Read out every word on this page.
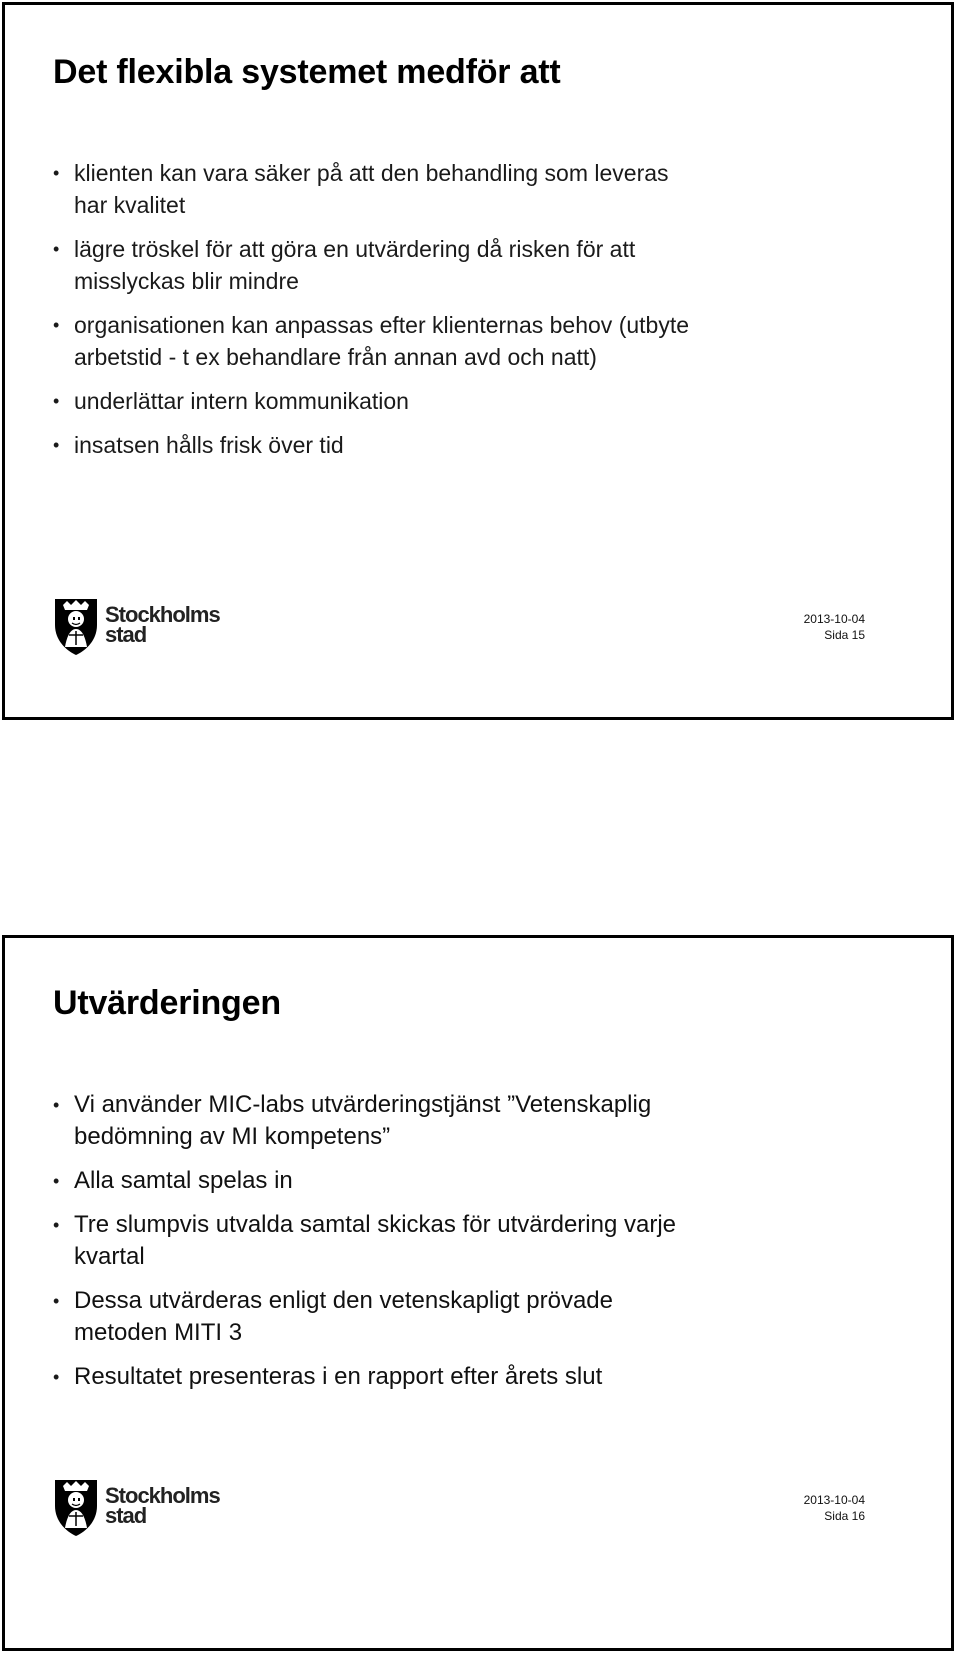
Det flexibla systemet medför att
• klienten kan vara säker på att den behandling som leveras har kvalitet
• lägre tröskel för att göra en utvärdering då risken för att misslyckas blir mindre
• organisationen kan anpassas efter klienternas behov (utbyte arbetstid - t ex behandlare från annan avd och natt)
• underlättar intern kommunikation
• insatsen hålls frisk över tid
Stockholms
stad
2013-10-04
Sida 15
Utvärderingen
• Vi använder MIC-labs utvärderingstjänst ”Vetenskaplig bedömning av MI kompetens”
• Alla samtal spelas in
• Tre slumpvis utvalda samtal skickas för utvärdering varje kvartal
• Dessa utvärderas enligt den vetenskapligt prövade metoden MITI 3
• Resultatet presenteras i en rapport efter årets slut
Stockholms
stad
2013-10-04
Sida 16
